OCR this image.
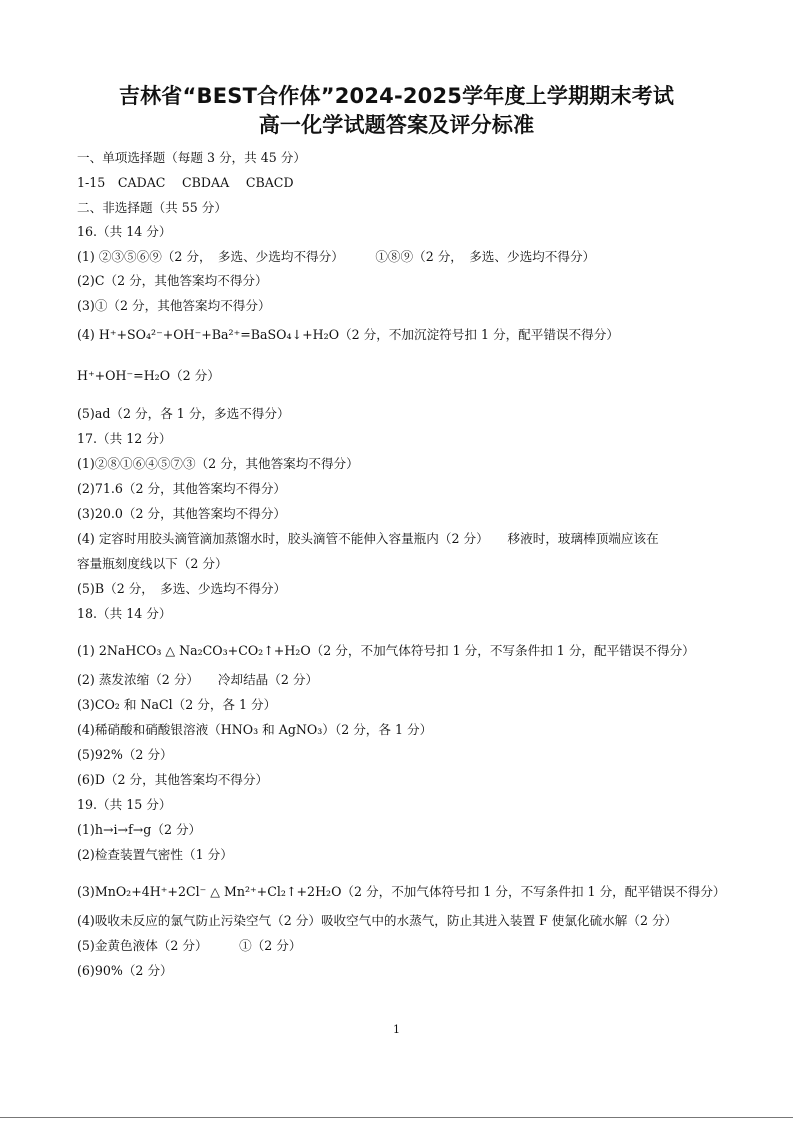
吉林省“BEST合作体”2024-2025学年度上学期期末考试
高一化学试题答案及评分标准
一、单项选择题（每题 3 分，共 45 分）
1-15　CADAC　 CBDAA　 CBACD
二、非选择题（共 55 分）
16.（共 14 分）
(1) ②③⑤⑥⑨（2 分，　多选、少选均不得分）　　　①⑧⑨（2 分，　多选、少选均不得分）
(2)C（2 分，其他答案均不得分）
(3)①（2 分，其他答案均不得分）
(4) H⁺+SO₄²⁻+OH⁻+Ba²⁺=BaSO₄↓+H₂O（2 分，不加沉淀符号扣 1 分，配平错误不得分）
H⁺+OH⁻=H₂O（2 分）
(5)ad（2 分，各 1 分，多选不得分）
17.（共 12 分）
(1)②⑧①⑥④⑤⑦③（2 分，其他答案均不得分）
(2)71.6（2 分，其他答案均不得分）
(3)20.0（2 分，其他答案均不得分）
(4) 定容时用胶头滴管滴加蒸馏水时，胶头滴管不能伸入容量瓶内（2 分）　　移液时，玻璃棒顶端应该在
容量瓶刻度线以下（2 分）
(5)B（2 分，　多选、少选均不得分）
18.（共 14 分）
(1) 2NaHCO₃ △ Na₂CO₃+CO₂↑+H₂O（2 分，不加气体符号扣 1 分，不写条件扣 1 分，配平错误不得分）
(2) 蒸发浓缩（2 分）　　冷却结晶（2 分）
(3)CO₂ 和 NaCl（2 分，各 1 分）
(4)稀硝酸和硝酸银溶液（HNO₃ 和 AgNO₃）（2 分，各 1 分）
(5)92%（2 分）
(6)D（2 分，其他答案均不得分）
19.（共 15 分）
(1)h→i→f→g（2 分）
(2)检查装置气密性（1 分）
(3)MnO₂+4H⁺+2Cl⁻ △ Mn²⁺+Cl₂↑+2H₂O（2 分，不加气体符号扣 1 分，不写条件扣 1 分，配平错误不得分）
(4)吸收未反应的氯气防止污染空气（2 分）吸收空气中的水蒸气，防止其进入装置 F 使氯化硫水解（2 分）
(5)金黄色液体（2 分）　　　①（2 分）
(6)90%（2 分）
1
